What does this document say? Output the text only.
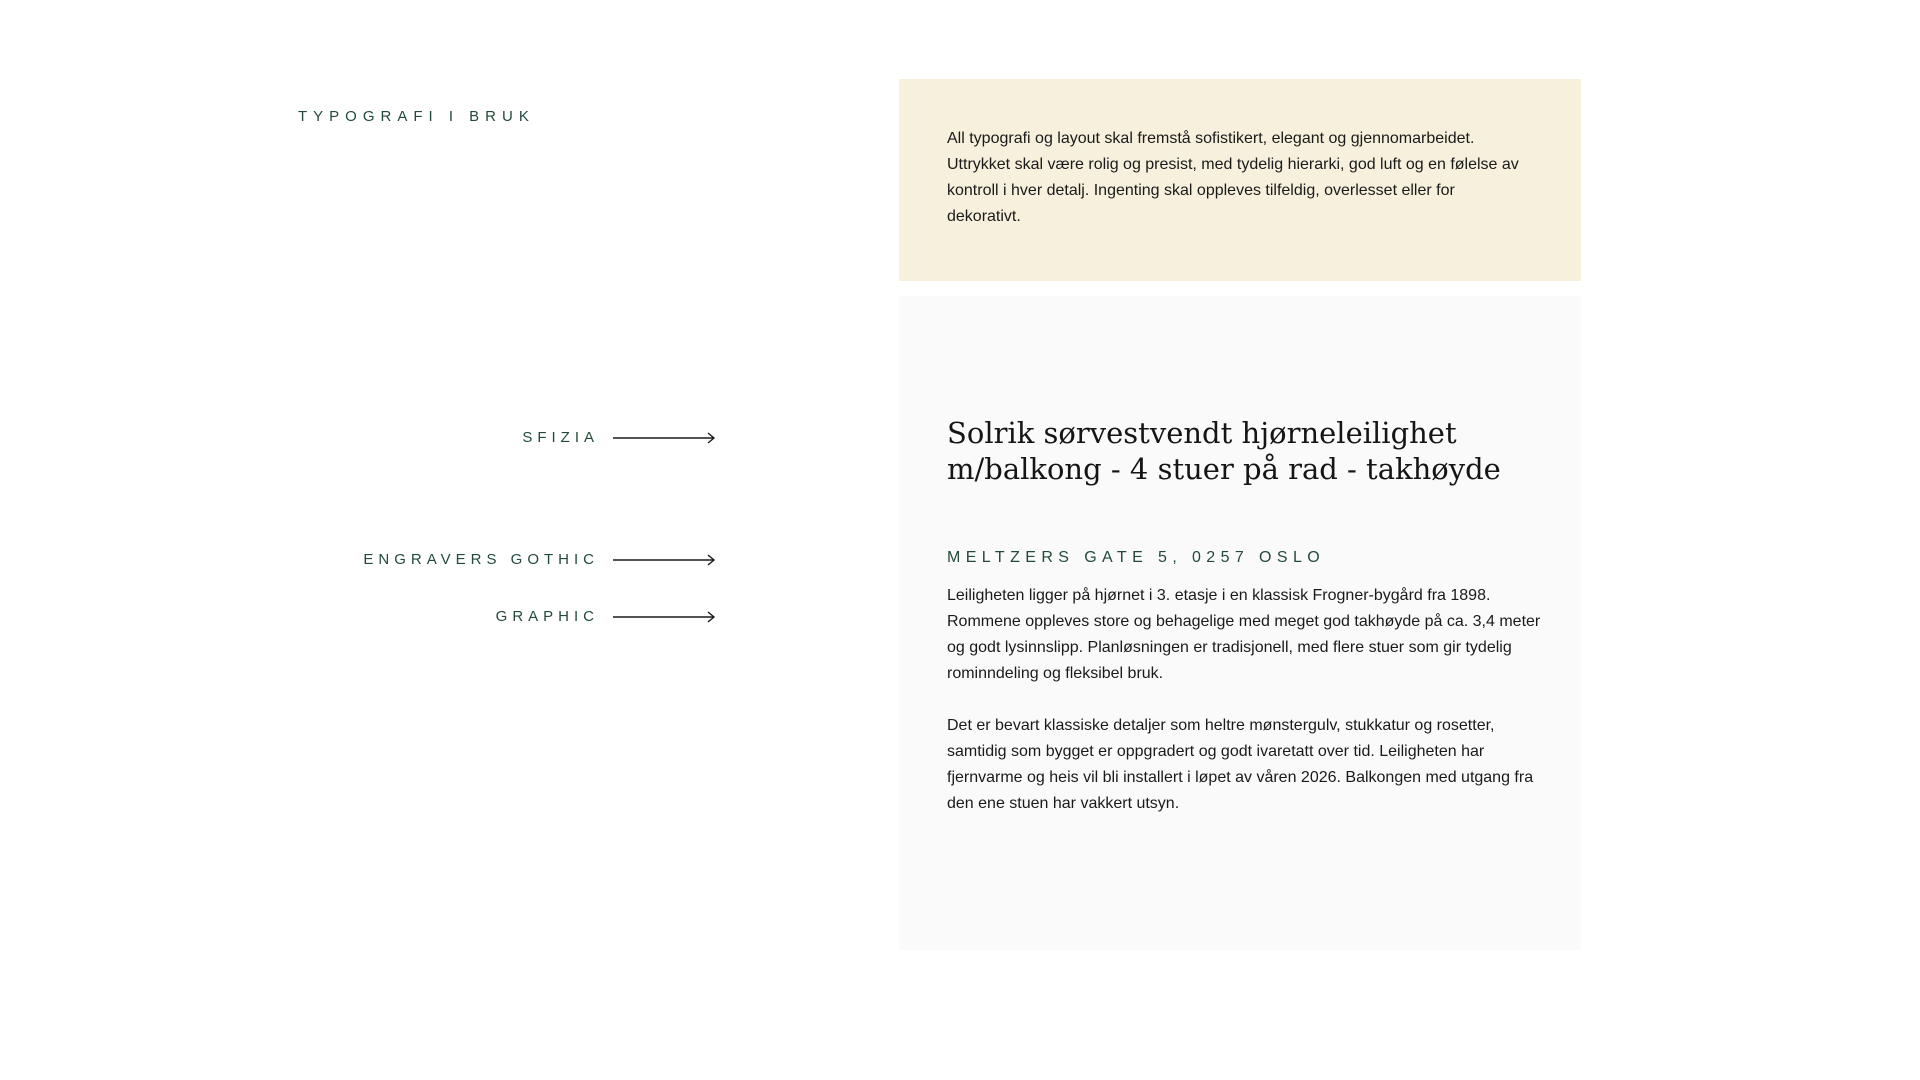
TYPOGRAFI I BRUK

All typografi og layout skal fremstå sofistikert, elegant og gjennomarbeidet. Uttrykket skal være rolig og presist, med tydelig hierarki, god luft og en følelse av kontroll i hver detalj. Ingenting skal oppleves tilfeldig, overlesset eller for dekorativt.

SFIZIA
ENGRAVERS GOTHIC
GRAPHIC
Solrik sørvestvendt hjørneleilighet m/balkong - 4 stuer på rad - takhøyde
MELTZERS GATE 5, 0257 OSLO

Leiligheten ligger på hjørnet i 3. etasje i en klassisk Frogner-bygård fra 1898. Rommene oppleves store og behagelige med meget god takhøyde på ca. 3,4 meter og godt lysinnslipp. Planløsningen er tradisjonell, med flere stuer som gir tydelig rominndeling og fleksibel bruk.

Det er bevart klassiske detaljer som heltre mønstergulv, stukkatur og rosetter, samtidig som bygget er oppgradert og godt ivaretatt over tid. Leiligheten har fjernvarme og heis vil bli installert i løpet av våren 2026. Balkongen med utgang fra den ene stuen har vakkert utsyn.
